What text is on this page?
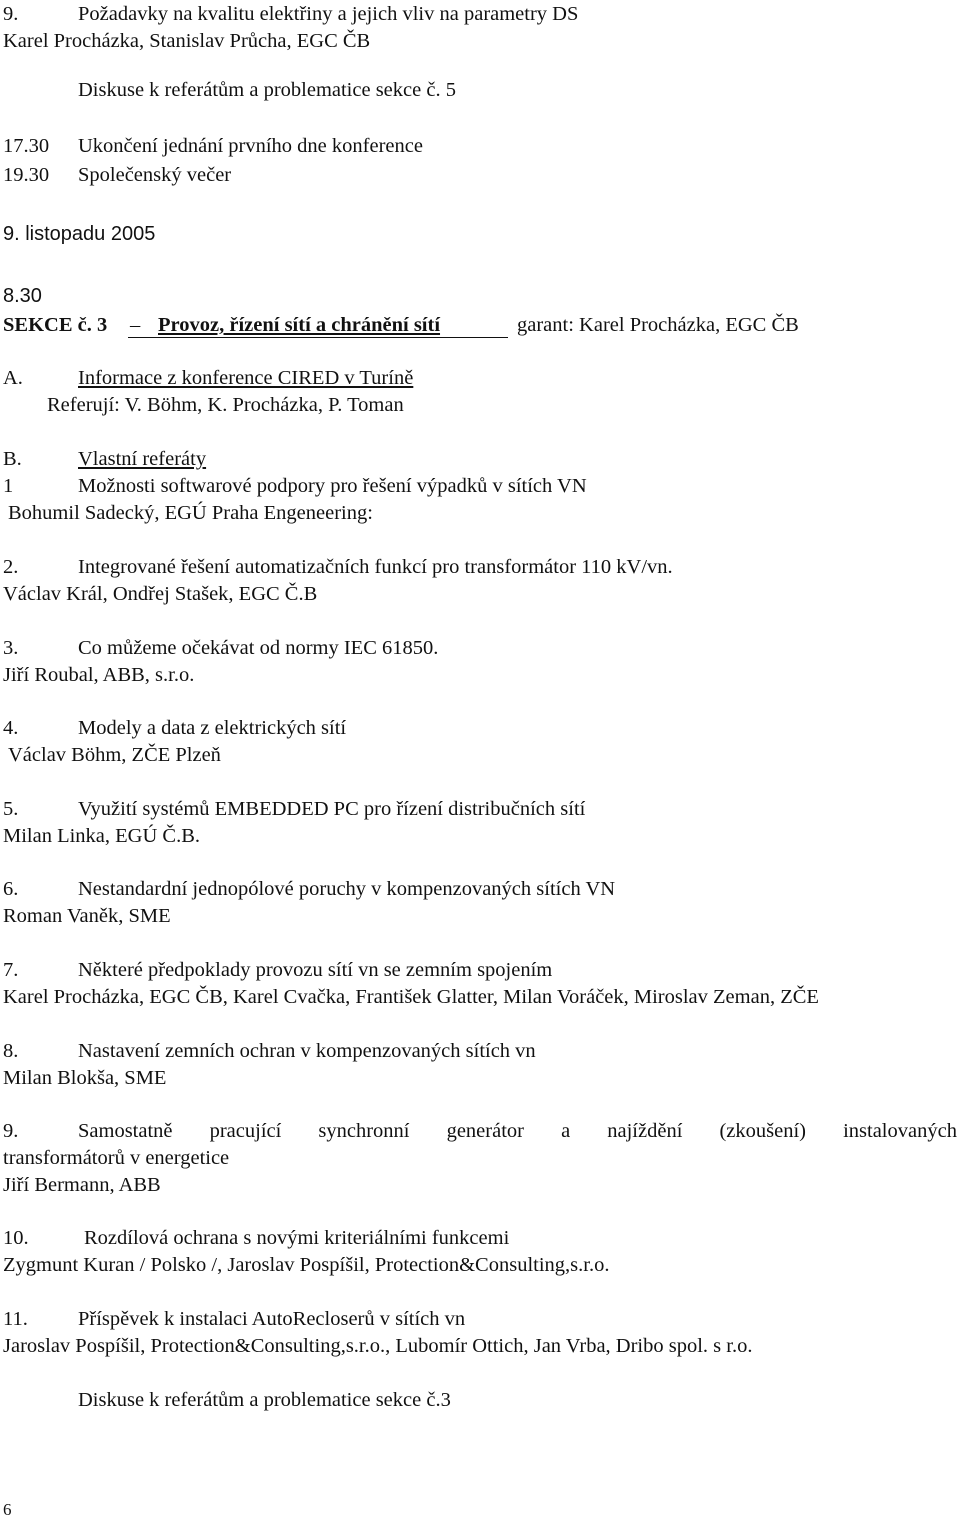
9.	Požadavky na kvalitu elektřiny a jejich vliv na parametry DS
Karel Procházka, Stanislav Průcha, EGC ČB
Diskuse k referátům a problematice sekce č. 5
17.30 Ukončení jednání prvního dne konference
19.30 Společenský večer
9. listopadu 2005
8.30
SEKCE č. 3 Provoz, řízení sítí a chránění sítí	garant: Karel Procházka, EGC ČB
A.	Informace z konference CIRED v Turíně
Referují: V. Böhm, K. Procházka, P. Toman
B.	Vlastní referáty
1	Možnosti softwarové podpory pro řešení výpadků v sítích VN
Bohumil Sadecký, EGÚ Praha Engeneering:
2.	Integrované řešení automatizačních funkcí pro transformátor 110 kV/vn.
Václav Král, Ondřej Stašek, EGC Č.B
3.	Co můžeme očekávat od normy IEC 61850.
Jiří Roubal, ABB, s.r.o.
4.	Modely a data z elektrických sítí
Václav Böhm, ZČE Plzeň
5.	Využití systémů EMBEDDED PC pro řízení distribučních sítí
Milan Linka, EGÚ Č.B.
6.	Nestandardní jednopólové poruchy v kompenzovaných sítích VN
Roman Vaněk, SME
7.	Některé předpoklady provozu sítí vn se zemním spojením
Karel Procházka, EGC ČB, Karel Cvačka, František Glatter, Milan Voráček, Miroslav Zeman, ZČE
8.	Nastavení zemních ochran v kompenzovaných sítích vn
Milan Blokša, SME
9.	Samostatně pracující synchronní generátor a najíždění (zkoušení) instalovaných
transformátorů v energetice
Jiří Bermann, ABB
10.	Rozdílová ochrana s novými kriteriálními funkcemi
Zygmunt Kuran / Polsko /, Jaroslav Pospíšil, Protection&Consulting,s.r.o.
11. Příspěvek k instalaci AutoRecloserů v sítích vn
Jaroslav Pospíšil, Protection&Consulting,s.r.o., Lubomír Ottich, Jan Vrba, Dribo spol. s r.o.
Diskuse k referátům a problematice sekce č.3
6
–
